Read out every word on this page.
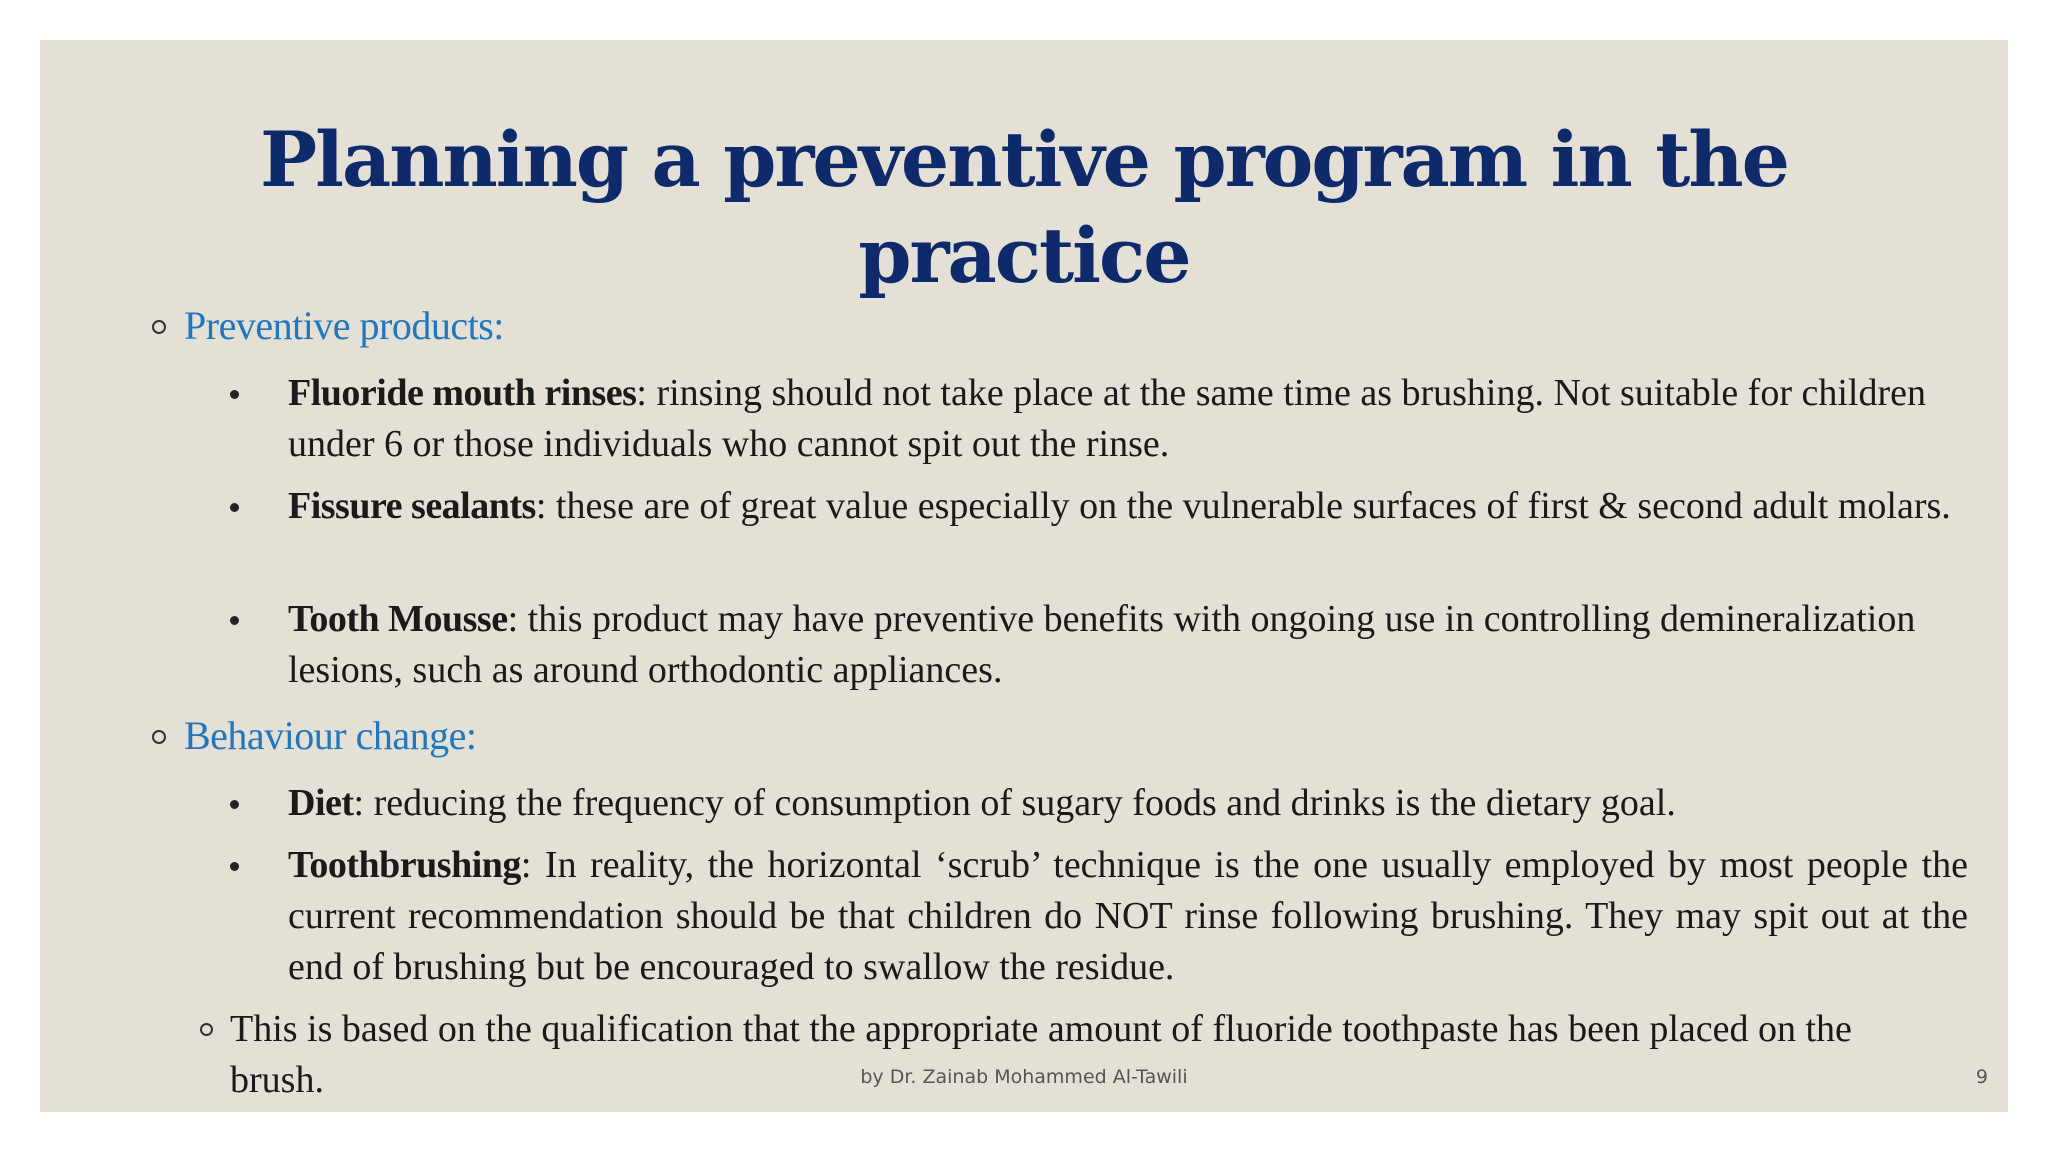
Planning a preventive program in the
practice
Preventive products:
Fluoride mouth rinses: rinsing should not take place at the same time as brushing. Not suitable for children under 6 or those individuals who cannot spit out the rinse.
Fissure sealants: these are of great value especially on the vulnerable surfaces of first & second adult molars.
Tooth Mousse: this product may have preventive benefits with ongoing use in controlling demineralization lesions, such as around orthodontic appliances.
Behaviour change:
Diet: reducing the frequency of consumption of sugary foods and drinks is the dietary goal.
Toothbrushing: In reality, the horizontal ‘scrub’ technique is the one usually employed by most people the current recommendation should be that children do NOT rinse following brushing. They may spit out at the end of brushing but be encouraged to swallow the residue.
This is based on the qualification that the appropriate amount of fluoride toothpaste has been placed on the brush.	by Dr. Zainab Mohammed Al-Tawili	9
